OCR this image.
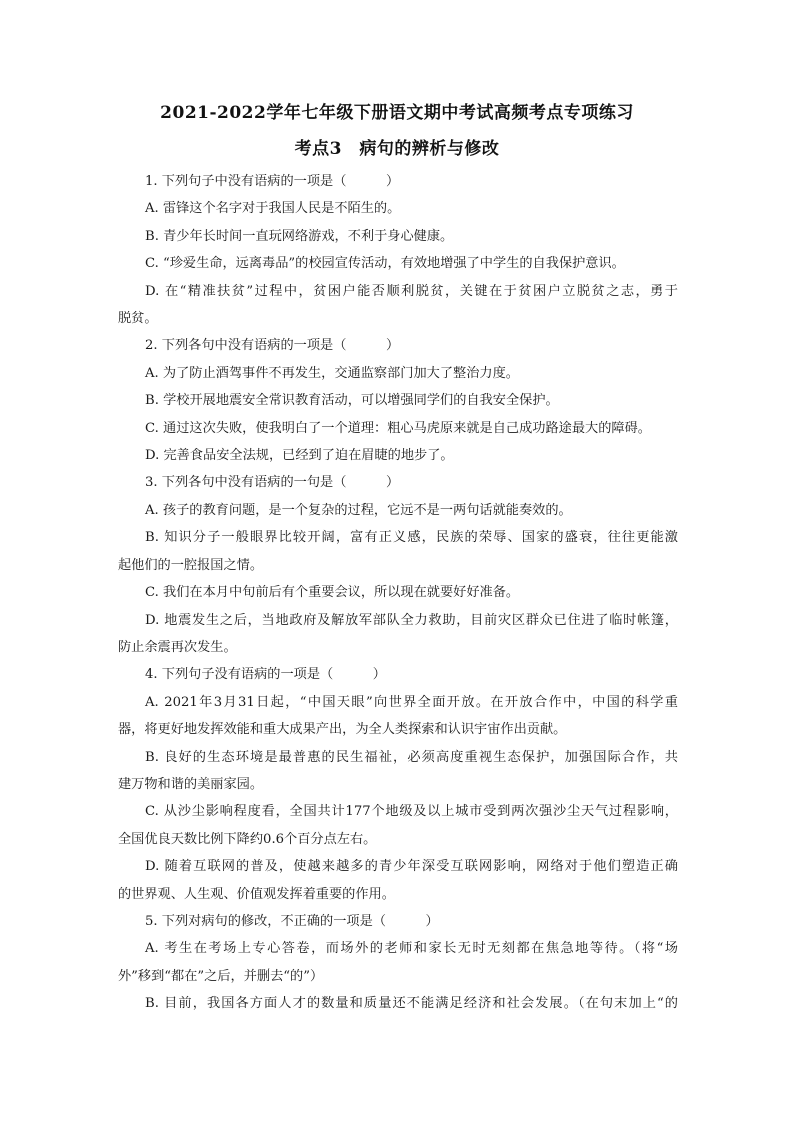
2021-2022学年七年级下册语文期中考试高频考点专项练习
考点3　病句的辨析与修改
1. 下列句子中没有语病的一项是（　　　）
A. 雷锋这个名字对于我国人民是不陌生的。
B. 青少年长时间一直玩网络游戏，不利于身心健康。
C. “珍爱生命，远离毒品”的校园宣传活动，有效地增强了中学生的自我保护意识。
D. 在“精准扶贫”过程中，贫困户能否顺利脱贫，关键在于贫困户立脱贫之志，勇于
脱贫。
2. 下列各句中没有语病的一项是（　　　）
A. 为了防止酒驾事件不再发生，交通监察部门加大了整治力度。
B. 学校开展地震安全常识教育活动，可以增强同学们的自我安全保护。
C. 通过这次失败，使我明白了一个道理：粗心马虎原来就是自己成功路途最大的障碍。
D. 完善食品安全法规，已经到了迫在眉睫的地步了。
3. 下列各句中没有语病的一句是（　　　）
A. 孩子的教育问题，是一个复杂的过程，它远不是一两句话就能奏效的。
B. 知识分子一般眼界比较开阔，富有正义感，民族的荣辱、国家的盛衰，往往更能激
起他们的一腔报国之情。
C. 我们在本月中旬前后有个重要会议，所以现在就要好好准备。
D. 地震发生之后，当地政府及解放军部队全力救助，目前灾区群众已住进了临时帐篷，
防止余震再次发生。
4. 下列句子没有语病的一项是（　　　）
A. 2021年3月31日起，“中国天眼”向世界全面开放。在开放合作中，中国的科学重
器，将更好地发挥效能和重大成果产出，为全人类探索和认识宇宙作出贡献。
B. 良好的生态环境是最普惠的民生福祉，必须高度重视生态保护，加强国际合作，共
建万物和谐的美丽家园。
C. 从沙尘影响程度看，全国共计177个地级及以上城市受到两次强沙尘天气过程影响，
全国优良天数比例下降约0.6个百分点左右。
D. 随着互联网的普及，使越来越多的青少年深受互联网影响，网络对于他们塑造正确
的世界观、人生观、价值观发挥着重要的作用。
5. 下列对病句的修改，不正确的一项是（　　　）
A. 考生在考场上专心答卷，而场外的老师和家长无时无刻都在焦急地等待。（将“场
外”移到“都在”之后，并删去“的”）
B. 目前，我国各方面人才的数量和质量还不能满足经济和社会发展。（在句末加上“的
